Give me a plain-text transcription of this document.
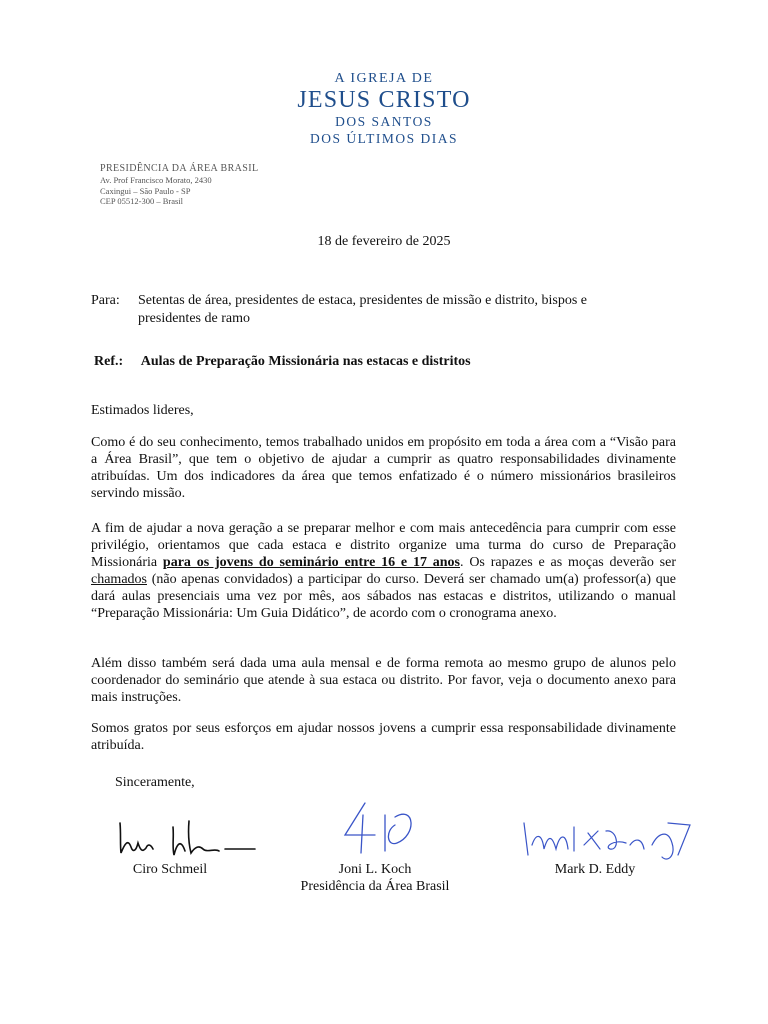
A IGREJA DE
JESUS CRISTO
DOS SANTOS
DOS ÚLTIMOS DIAS
PRESIDÊNCIA DA ÁREA BRASIL
Av. Prof Francisco Morato, 2430
Caxingui – São Paulo - SP
CEP 05512-300 – Brasil
18 de fevereiro de 2025
Para: Setentas de área, presidentes de estaca, presidentes de missão e distrito, bispos e
presidentes de ramo
Ref.: Aulas de Preparação Missionária nas estacas e distritos

Estimados lideres,

Como é do seu conhecimento, temos trabalhado unidos em propósito em toda a área com a “Visão para a Área Brasil”, que tem o objetivo de ajudar a cumprir as quatro responsabilidades divinamente atribuídas. Um dos indicadores da área que temos enfatizado é o número missionários brasileiros servindo missão.

A fim de ajudar a nova geração a se preparar melhor e com mais antecedência para cumprir com esse privilégio, orientamos que cada estaca e distrito organize uma turma do curso de Preparação Missionária para os jovens do seminário entre 16 e 17 anos. Os rapazes e as moças deverão ser chamados (não apenas convidados) a participar do curso. Deverá ser chamado um(a) professor(a) que dará aulas presenciais uma vez por mês, aos sábados nas estacas e distritos, utilizando o manual “Preparação Missionária: Um Guia Didático”, de acordo com o cronograma anexo.

Além disso também será dada uma aula mensal e de forma remota ao mesmo grupo de alunos pelo coordenador do seminário que atende à sua estaca ou distrito. Por favor, veja o documento anexo para mais instruções.

Somos gratos por seus esforços em ajudar nossos jovens a cumprir essa responsabilidade divinamente atribuída.

Sinceramente,
Ciro Schmeil	Joni L. Koch
Presidência da Área Brasil
Mark D. Eddy
